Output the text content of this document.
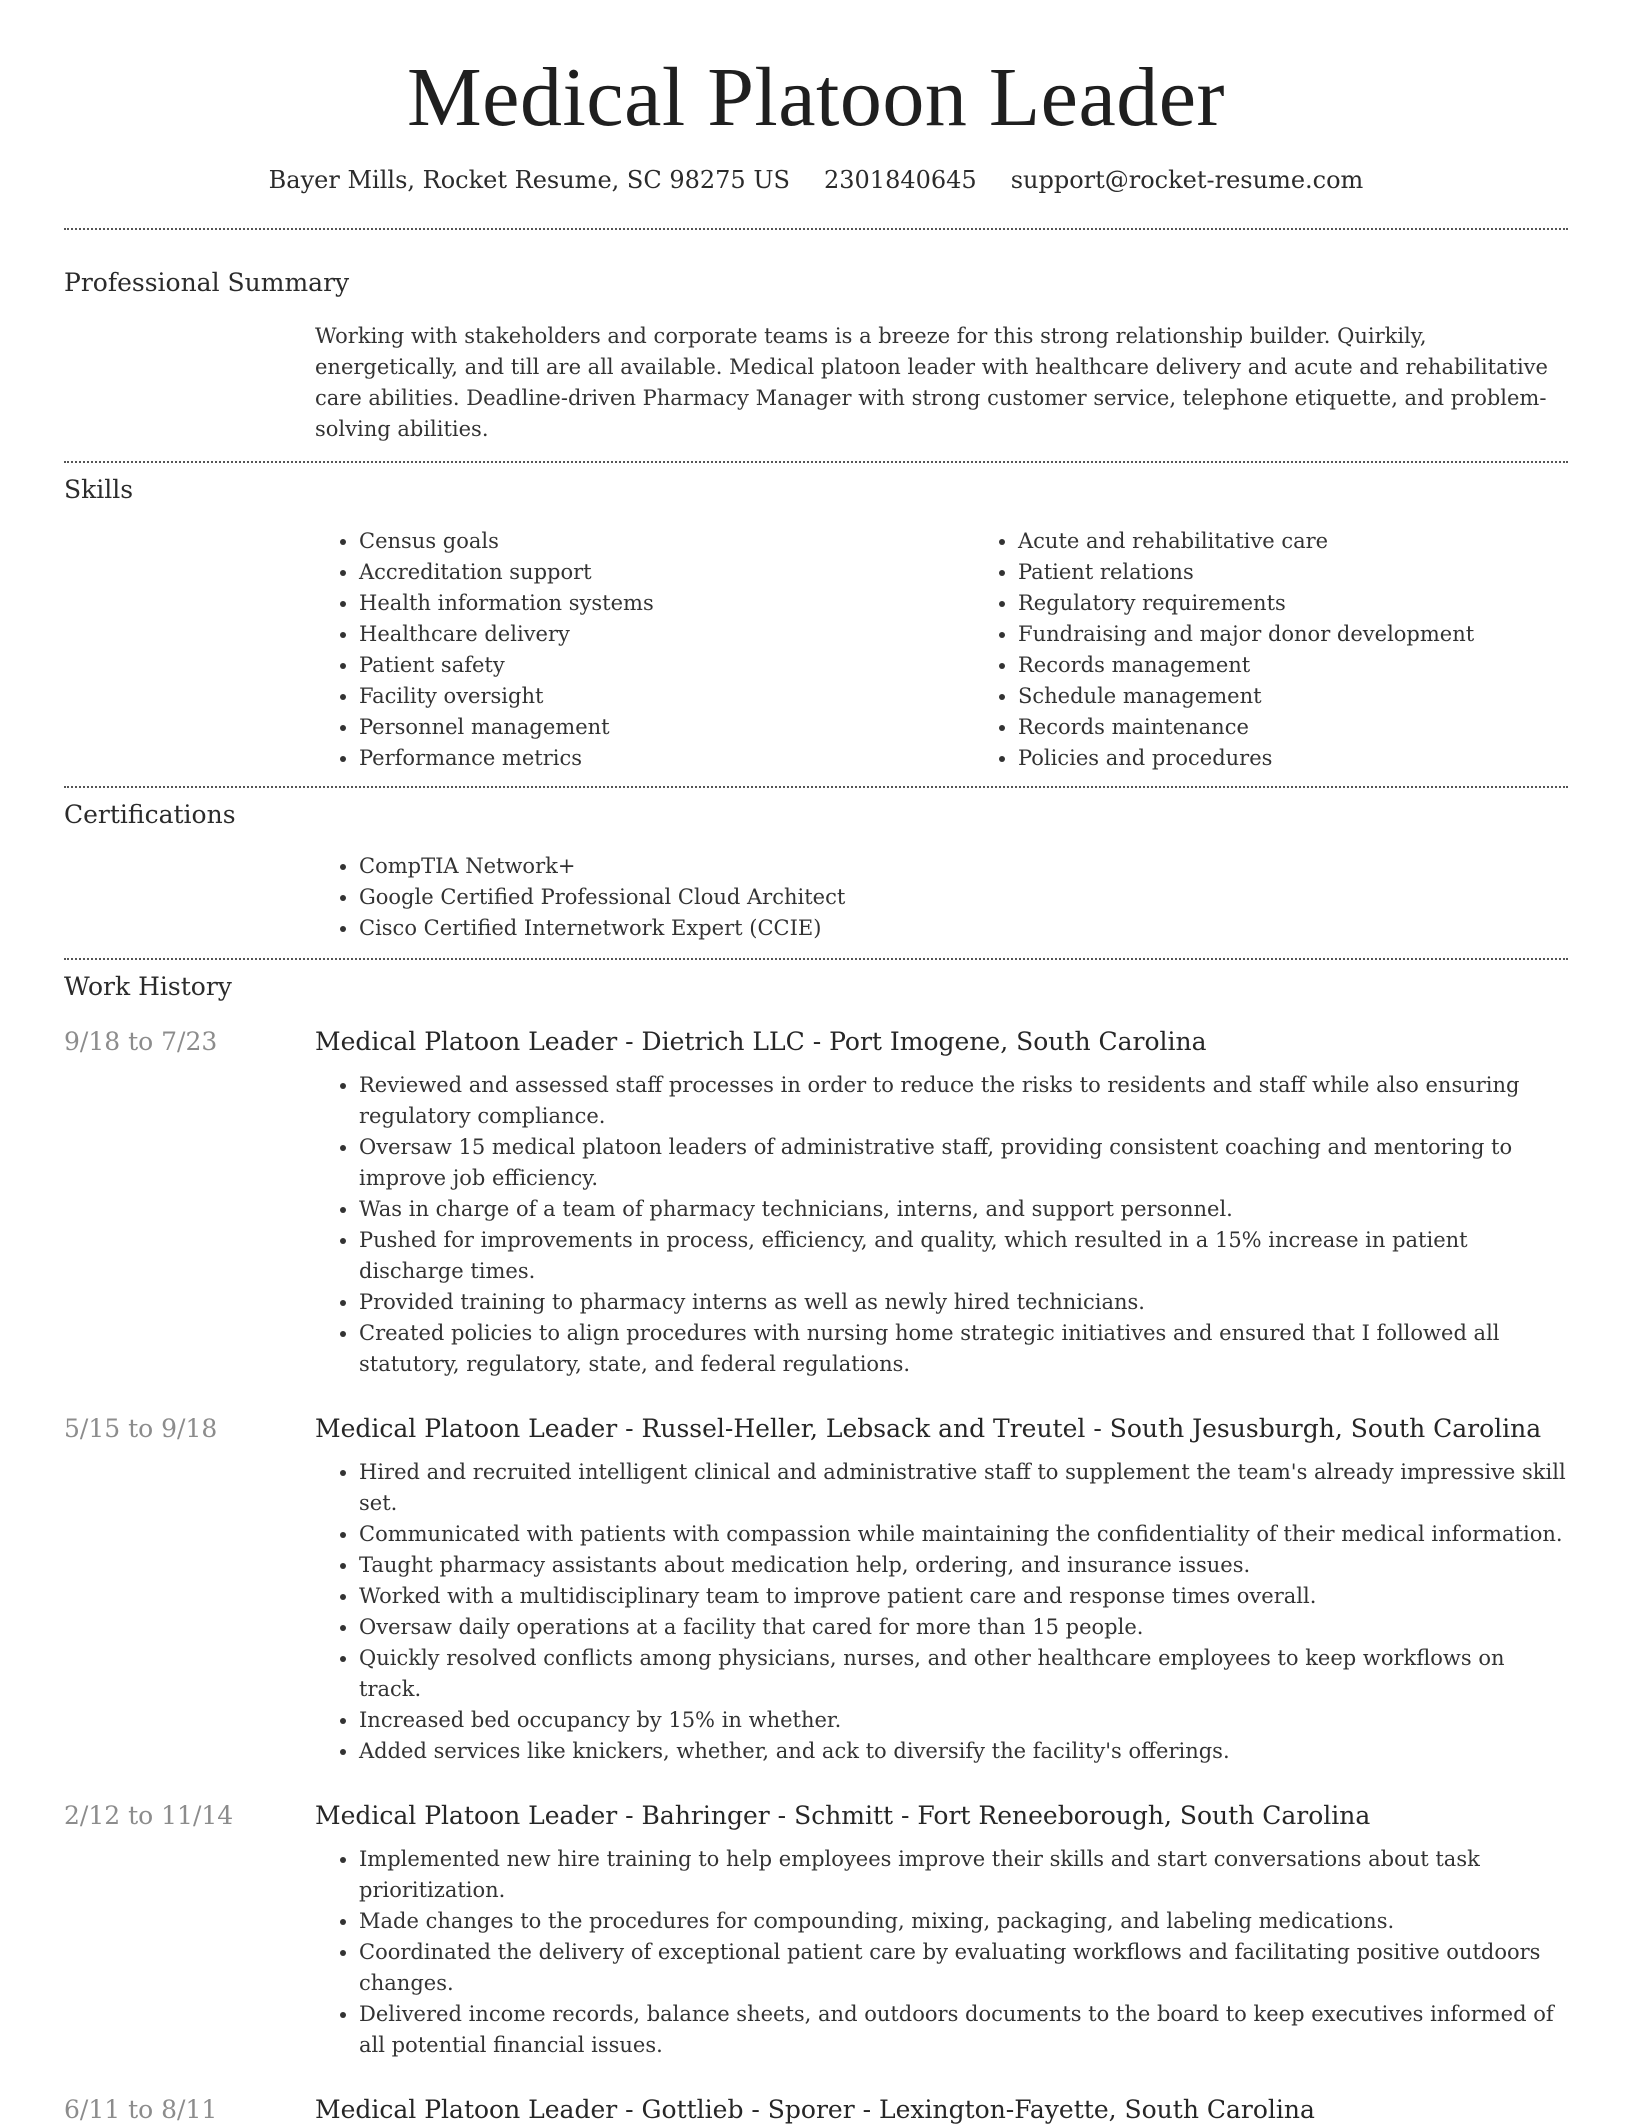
Medical Platoon Leader
Bayer Mills, Rocket Resume, SC 98275 US 2301840645 support@rocket-resume.com
Professional Summary

Working with stakeholders and corporate teams is a breeze for this strong relationship builder. Quirkily, energetically, and till are all available. Medical platoon leader with healthcare delivery and acute and rehabilitative care abilities. Deadline-driven Pharmacy Manager with strong customer service, telephone etiquette, and problem-solving abilities.

Skills
• Census goals
• Accreditation support
• Health information systems
• Healthcare delivery
• Patient safety
• Facility oversight
• Personnel management
• Performance metrics
• Acute and rehabilitative care
• Patient relations
• Regulatory requirements
• Fundraising and major donor development
• Records management
• Schedule management
• Records maintenance
• Policies and procedures
Certifications
• CompTIA Network+
• Google Certified Professional Cloud Architect
• Cisco Certified Internetwork Expert (CCIE)
Work History
9/18 to 7/23	Medical Platoon Leader - Dietrich LLC - Port Imogene, South Carolina
• Reviewed and assessed staff processes in order to reduce the risks to residents and staff while also ensuring regulatory compliance.
• Oversaw 15 medical platoon leaders of administrative staff, providing consistent coaching and mentoring to improve job efficiency.
• Was in charge of a team of pharmacy technicians, interns, and support personnel.
• Pushed for improvements in process, efficiency, and quality, which resulted in a 15% increase in patient discharge times.
• Provided training to pharmacy interns as well as newly hired technicians.
• Created policies to align procedures with nursing home strategic initiatives and ensured that I followed all statutory, regulatory, state, and federal regulations.
5/15 to 9/18	Medical Platoon Leader - Russel-Heller, Lebsack and Treutel - South Jesusburgh, South Carolina
• Hired and recruited intelligent clinical and administrative staff to supplement the team's already impressive skill set.
• Communicated with patients with compassion while maintaining the confidentiality of their medical information.
• Taught pharmacy assistants about medication help, ordering, and insurance issues.
• Worked with a multidisciplinary team to improve patient care and response times overall.
• Oversaw daily operations at a facility that cared for more than 15 people.
• Quickly resolved conflicts among physicians, nurses, and other healthcare employees to keep workflows on track.
• Increased bed occupancy by 15% in whether.
• Added services like knickers, whether, and ack to diversify the facility's offerings.
2/12 to 11/14	Medical Platoon Leader - Bahringer - Schmitt - Fort Reneeborough, South Carolina
• Implemented new hire training to help employees improve their skills and start conversations about task prioritization.
• Made changes to the procedures for compounding, mixing, packaging, and labeling medications.
• Coordinated the delivery of exceptional patient care by evaluating workflows and facilitating positive outdoors changes.
• Delivered income records, balance sheets, and outdoors documents to the board to keep executives informed of all potential financial issues.
6/11 to 8/11	Medical Platoon Leader - Gottlieb - Sporer - Lexington-Fayette, South Carolina
